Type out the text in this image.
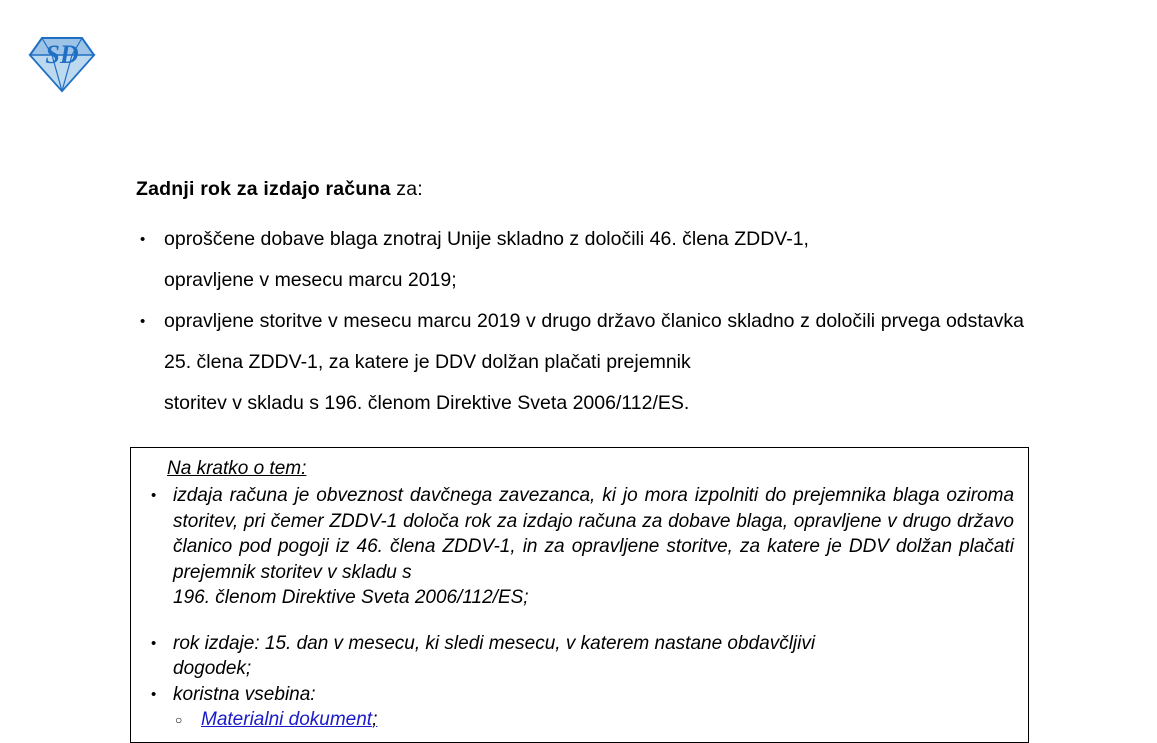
SD
Zadnji rok za izdajo računa za:
• oproščene dobave blaga znotraj Unije skladno z določili 46. člena ZDDV-1,
opravljene v mesecu marcu 2019;
• opravljene storitve v mesecu marcu 2019 v drugo državo članico skladno z določili prvega odstavka 25. člena ZDDV-1, za katere je DDV dolžan plačati prejemnik
storitev v skladu s 196. členom Direktive Sveta 2006/112/ES.
Na kratko o tem:
• izdaja računa je obveznost davčnega zavezanca, ki jo mora izpolniti do prejemnika blaga oziroma storitev, pri čemer ZDDV-1 določa rok za izdajo računa za dobave blaga, opravljene v drugo državo članico pod pogoji iz 46. člena ZDDV-1, in za opravljene storitve, za katere je DDV dolžan plačati prejemnik storitev v skladu s
196. členom Direktive Sveta 2006/112/ES;
• rok izdaje: 15. dan v mesecu, ki sledi mesecu, v katerem nastane obdavčljivi
dogodek;
• koristna vsebina:
○ Materialni dokument;
